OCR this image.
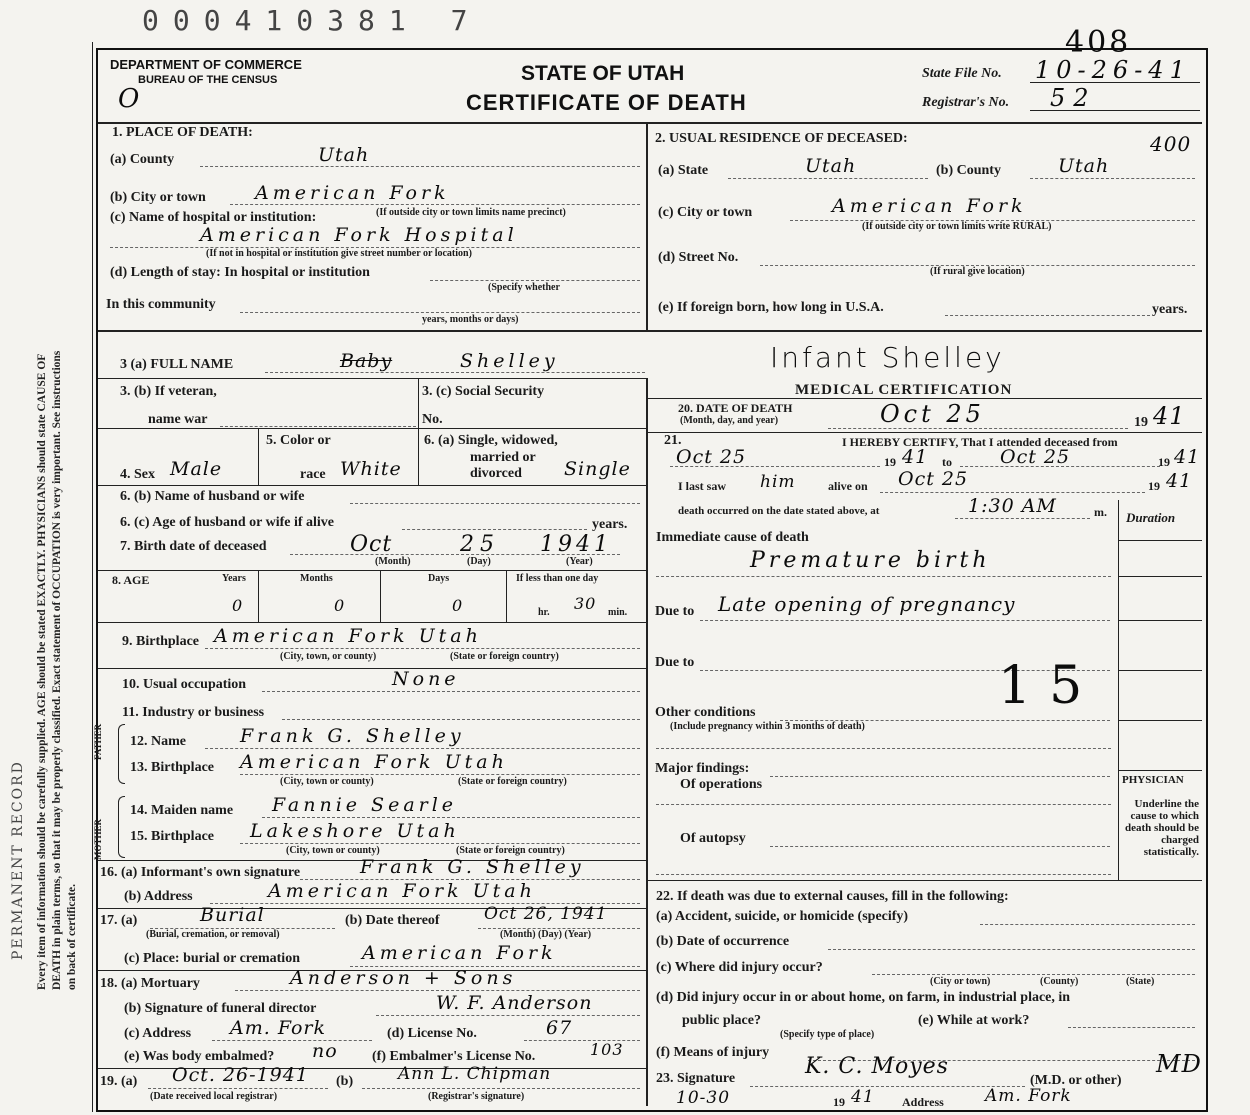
000410381 7
Every item of information should be carefully supplied. AGE should be stated EXACTLY. PHYSICIANS should state CAUSE OF DEATH in plain terms, so that it may be properly classified. Exact statement of OCCUPATION is very important. See instructions on back of certificate.
PERMANENT RECORD
DEPARTMENT OF COMMERCE
BUREAU OF THE CENSUS
O
STATE OF UTAH
CERTIFICATE OF DEATH
408
State File No. 10-26-41
Registrar's No. 52
400
1. PLACE OF DEATH:
(a) County	Utah
(b) City or town	American Fork
(c) Name of hospital or institution:	(If outside city or town limits name precinct)
American Fork Hospital
(If not in hospital or institution give street number or location)
(d) Length of stay: In hospital or institution
(Specify whether
In this community
years, months or days)
2. USUAL RESIDENCE OF DECEASED:
(a) State	Utah	(b) County	Utah
(c) City or town	American Fork
(If outside city or town limits write RURAL)
(d) Street No.
(If rural give location)
(e) If foreign born, how long in U.S.A.	years.
3 (a) FULL NAME	Baby	Shelley	Infant Shelley
3. (b) If veteran,
name war
3. (c) Social Security
No.
MEDICAL CERTIFICATION
20. DATE OF DEATH
(Month, day, and year)	Oct 25	19 41
21.	I HEREBY CERTIFY, That I attended deceased from
Oct 25	19 41 to	Oct 25	19 41
I last saw him	alive on Oct 25	19 41
death occurred on the date stated above, at	1:30 AM	m. Duration
Immediate cause of death
Premature birth
Due to Late opening of pregnancy
Due to
Other conditions
(Include pregnancy within 3 months of death)
15
Major findings:
Of operations
Of autopsy
PHYSICIAN
Underline the cause to which death should be charged statistically.
22. If death was due to external causes, fill in the following:
(a) Accident, suicide, or homicide (specify)
(b) Date of occurrence
(c) Where did injury occur?
(City or town)	(County)	(State)
(d) Did injury occur in or about home, on farm, in industrial place, in
public place?
(Specify type of place)
(e) While at work?
(f) Means of injury
23. Signature	K. C. Moyes
(M.D. or other)
MD
10-30	19 41 Address Am. Fork
4. Sex Male
5. Color or
race White
6. (a) Single, widowed,
married or
divorced Single
6. (b) Name of husband or wife
6. (c) Age of husband or wife if alive	years.
7. Birth date of deceased	Oct	25 1941
(Month)	(Day)	(Year)
8. AGE	Years	Months	Days	If less than one day
0	0	0	hr. 30 min.
9. Birthplace American Fork Utah
(City, town, or county)	(State or foreign country)
10. Usual occupation	None
11. Industry or business
FATHER 12. Name	Frank G. Shelley
13. Birthplace American Fork Utah
(City, town or county)	(State or foreign country)
MOTHER
14. Maiden name Fannie Searle
15. Birthplace Lakeshore Utah
(City, town or county)	(State or foreign country)
16. (a) Informant's own signature	Frank G. Shelley
(b) Address	American Fork Utah
17. (a)	Burial	(b) Date thereof	Oct 26, 1941
(Burial, cremation, or removal)	(Month) (Day) (Year)
(c) Place: burial or cremation	American Fork
18. (a) Mortuary	Anderson + Sons
(b) Signature of funeral director	W. F. Anderson
(c) Address Am. Fork	(d) License No.	67
(e) Was body embalmed? no (f) Embalmer's License No.	103
19. (a) Oct. 26-1941 (b)	Ann L. Chipman
(Date received local registrar)	(Registrar's signature)
